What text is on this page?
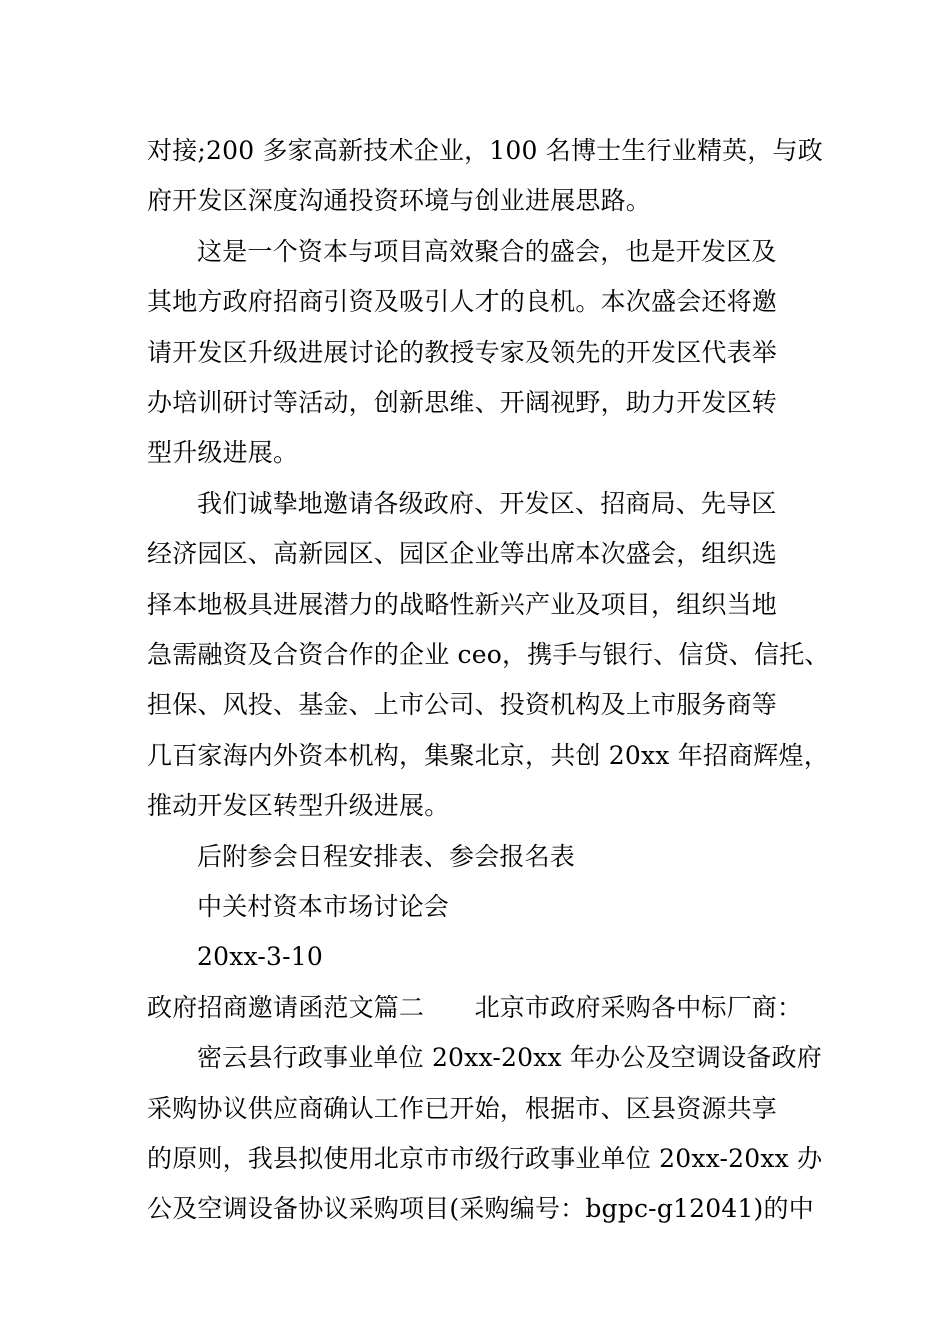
对接;200 多家高新技术企业，100 名博士生行业精英，与政
府开发区深度沟通投资环境与创业进展思路。
这是一个资本与项目高效聚合的盛会，也是开发区及
其地方政府招商引资及吸引人才的良机。本次盛会还将邀
请开发区升级进展讨论的教授专家及领先的开发区代表举
办培训研讨等活动，创新思维、开阔视野，助力开发区转
型升级进展。
我们诚挚地邀请各级政府、开发区、招商局、先导区
经济园区、高新园区、园区企业等出席本次盛会，组织选
择本地极具进展潜力的战略性新兴产业及项目，组织当地
急需融资及合资合作的企业 ceo，携手与银行、信贷、信托、
担保、风投、基金、上市公司、投资机构及上市服务商等
几百家海内外资本机构，集聚北京，共创 20xx 年招商辉煌，
推动开发区转型升级进展。
后附参会日程安排表、参会报名表
中关村资本市场讨论会
20xx-3-10
政府招商邀请函范文篇二　　北京市政府采购各中标厂商：
密云县行政事业单位 20xx-20xx 年办公及空调设备政府
采购协议供应商确认工作已开始，根据市、区县资源共享
的原则，我县拟使用北京市市级行政事业单位 20xx-20xx 办
公及空调设备协议采购项目(采购编号：bgpc-g12041)的中
